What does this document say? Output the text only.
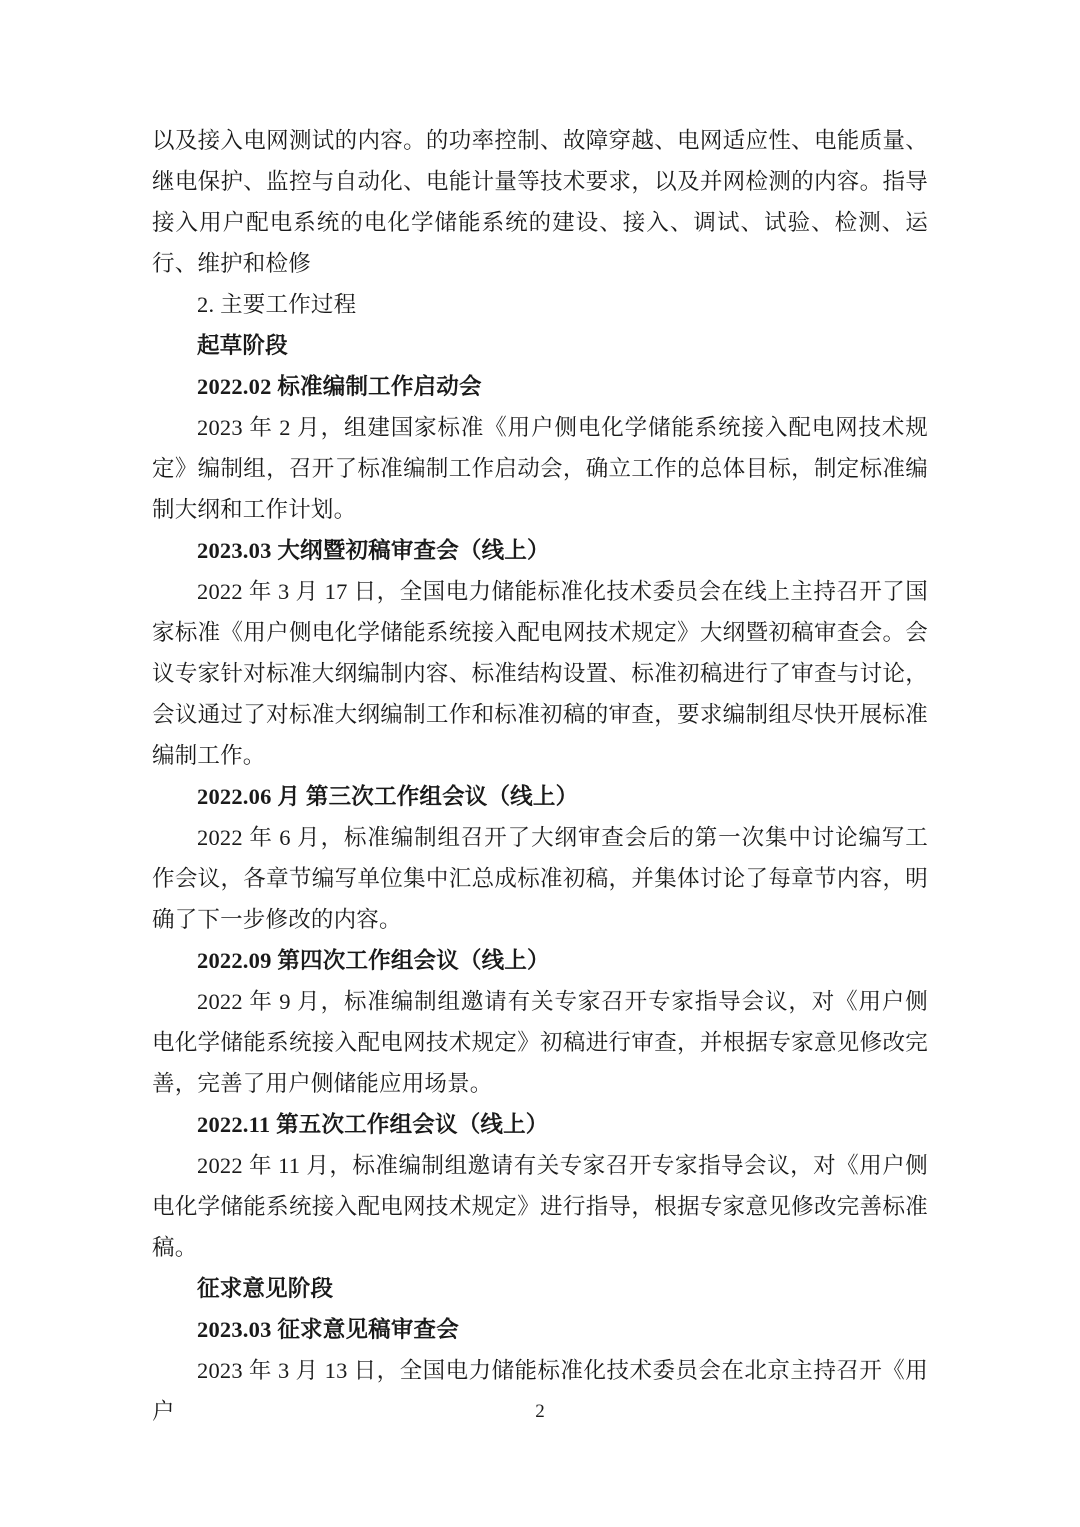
以及接入电网测试的内容。的功率控制、故障穿越、电网适应性、电能质量、继电保护、监控与自动化、电能计量等技术要求，以及并网检测的内容。指导接入用户配电系统的电化学储能系统的建设、接入、调试、试验、检测、运行、维护和检修

2. 主要工作过程

起草阶段

2022.02 标准编制工作启动会

2023 年 2 月，组建国家标准《用户侧电化学储能系统接入配电网技术规定》编制组，召开了标准编制工作启动会，确立工作的总体目标，制定标准编制大纲和工作计划。

2023.03 大纲暨初稿审查会（线上）

2022 年 3 月 17 日，全国电力储能标准化技术委员会在线上主持召开了国家标准《用户侧电化学储能系统接入配电网技术规定》大纲暨初稿审查会。会议专家针对标准大纲编制内容、标准结构设置、标准初稿进行了审查与讨论，会议通过了对标准大纲编制工作和标准初稿的审查，要求编制组尽快开展标准编制工作。

2022.06 月 第三次工作组会议（线上）

2022 年 6 月，标准编制组召开了大纲审查会后的第一次集中讨论编写工作会议，各章节编写单位集中汇总成标准初稿，并集体讨论了每章节内容，明确了下一步修改的内容。

2022.09 第四次工作组会议（线上）

2022 年 9 月，标准编制组邀请有关专家召开专家指导会议，对《用户侧电化学储能系统接入配电网技术规定》初稿进行审查，并根据专家意见修改完善，完善了用户侧储能应用场景。

2022.11 第五次工作组会议（线上）

2022 年 11 月，标准编制组邀请有关专家召开专家指导会议，对《用户侧电化学储能系统接入配电网技术规定》进行指导，根据专家意见修改完善标准稿。

征求意见阶段

2023.03 征求意见稿审查会

2023 年 3 月 13 日，全国电力储能标准化技术委员会在北京主持召开《用户	2
